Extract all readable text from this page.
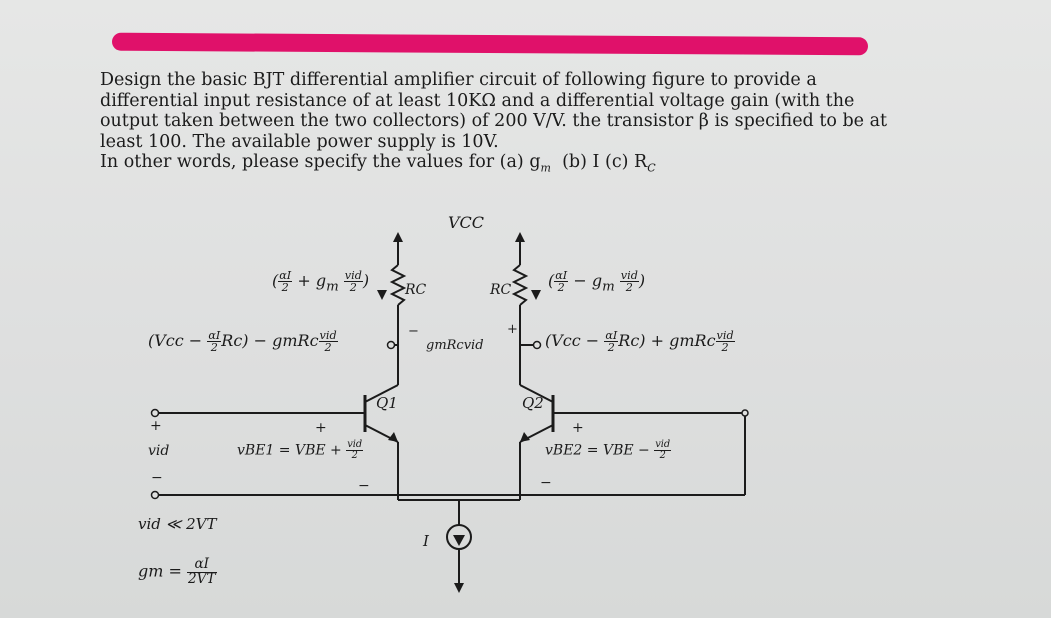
Design the basic BJT differential amplifier circuit of following figure to provide a
differential input resistance of at least 10KΩ and a differential voltage gain (with the
output taken between the two collectors) of 200 V/V. the transistor β is specified to be at
least 100. The available power supply is 10V.
In other words, please specify the values for (a) $g_m$ (b) I (c) $R_C$

VCC
RC	RC
( $\frac{\alpha I}{2} + g_m \frac{\text{vid}}{2}$ )	( $\frac{\alpha I}{2} - g_m \frac{\text{vid}}{2}$ )
$(Vcc - \frac{\alpha I}{2} Rc)$ − gmRc $\frac{\text{vid}}{2}$	$(Vcc - \frac{\alpha I}{2} Rc)$ + gmRc $\frac{\text{vid}}{2}$
gmRcvid
+
−
Q1	Q2
+
vid
−
+
vBE1 = VBE + $\frac{\text{vid}}{2}$
−
+
vBE2 = VBE − $\frac{\text{vid}}{2}$
−
I
vid ≪ 2VT
gm = $\frac{\alpha I}{2VT}$
